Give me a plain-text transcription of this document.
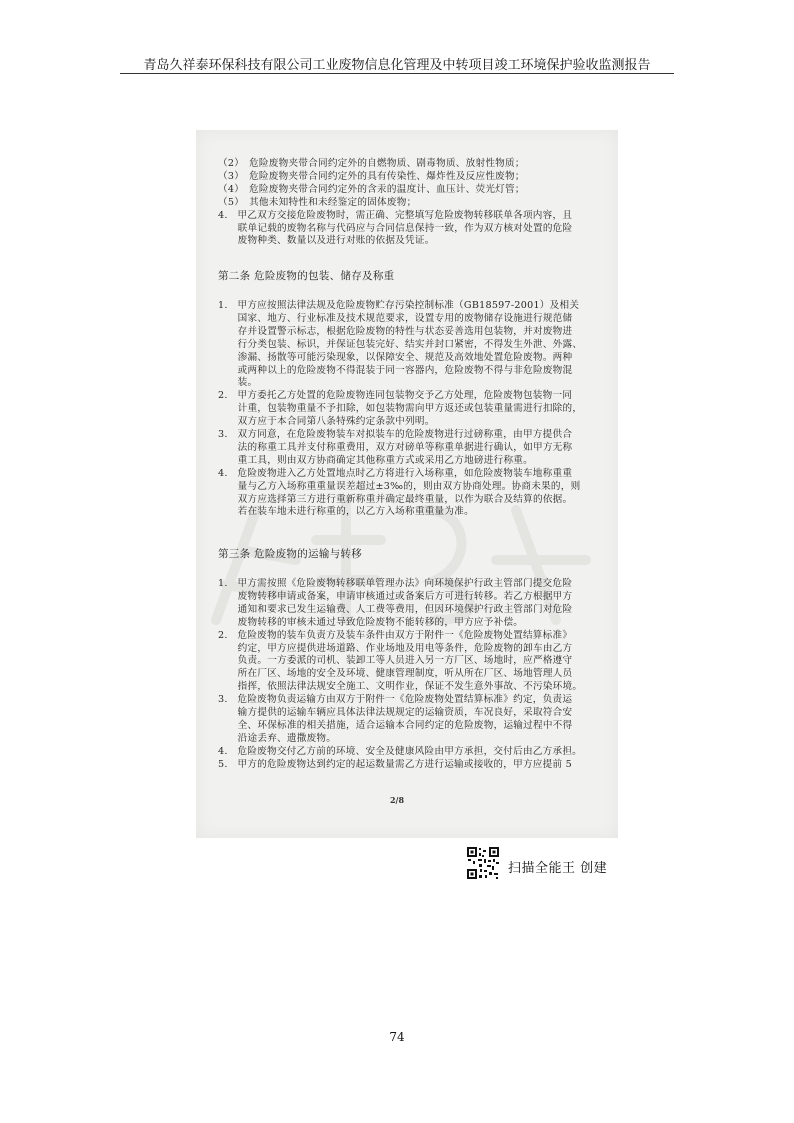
青岛久祥泰环保科技有限公司工业废物信息化管理及中转项目竣工环境保护验收监测报告
（2）　危险废物夹带合同约定外的自燃物质、剧毒物质、放射性物质；
（3）　危险废物夹带合同约定外的具有传染性、爆炸性及反应性废物；
（4）　危险废物夹带合同约定外的含汞的温度计、血压计、荧光灯管；
（5）　其他未知特性和未经鉴定的固体废物；
4.　甲乙双方交接危险废物时，需正确、完整填写危险废物转移联单各项内容，且
　　联单记载的废物名称与代码应与合同信息保持一致，作为双方核对处置的危险
　　废物种类、数量以及进行对账的依据及凭证。
第二条 危险废物的包装、储存及称重
1.　甲方应按照法律法规及危险废物贮存污染控制标准（GB18597-2001）及相关
　　国家、地方、行业标准及技术规范要求，设置专用的废物储存设施进行规范储
　　存并设置警示标志，根据危险废物的特性与状态妥善选用包装物，并对废物进
　　行分类包装、标识，并保证包装完好、结实并封口紧密，不得发生外泄、外露、
　　渗漏、扬散等可能污染现象，以保障安全、规范及高效地处置危险废物。两种
　　或两种以上的危险废物不得混装于同一容器内，危险废物不得与非危险废物混
　　装。
2.　甲方委托乙方处置的危险废物连同包装物交予乙方处理，危险废物包装物一同
　　计重，包装物重量不予扣除，如包装物需向甲方返还或包装重量需进行扣除的，
　　双方应于本合同第八条特殊约定条款中列明。
3.　双方同意，在危险废物装车对拟装车的危险废物进行过磅称重，由甲方提供合
　　法的称重工具并支付称重费用，双方对磅单等称重单据进行确认，如甲方无称
　　重工具，则由双方协商确定其他称重方式或采用乙方地磅进行称重。
4.　危险废物进入乙方处置地点时乙方将进行入场称重，如危险废物装车地称重重
　　量与乙方入场称重重量误差超过±3‰的，则由双方协商处理。协商未果的，则
　　双方应选择第三方进行重新称重并确定最终重量，以作为联合及结算的依据。
　　若在装车地未进行称重的，以乙方入场称重重量为准。
第三条 危险废物的运输与转移
1.　甲方需按照《危险废物转移联单管理办法》向环境保护行政主管部门提交危险
　　废物转移申请或备案，申请审核通过或备案后方可进行转移。若乙方根据甲方
　　通知和要求已发生运输费、人工费等费用，但因环境保护行政主管部门对危险
　　废物转移的审核未通过导致危险废物不能转移的，甲方应予补偿。
2.　危险废物的装车负责方及装车条件由双方于附件一《危险废物处置结算标准》
　　约定，甲方应提供进场道路、作业场地及用电等条件，危险废物的卸车由乙方
　　负责。一方委派的司机、装卸工等人员进入另一方厂区、场地时，应严格遵守
　　所在厂区、场地的安全及环境、健康管理制度，听从所在厂区、场地管理人员
　　指挥，依照法律法规安全施工、文明作业，保证不发生意外事故、不污染环境。
3.　危险废物负责运输方由双方于附件一《危险废物处置结算标准》约定，负责运
　　输方提供的运输车辆应具体法律法规规定的运输资质，车况良好，采取符合安
　　全、环保标准的相关措施，适合运输本合同约定的危险废物，运输过程中不得
　　沿途丢弃、遗撒废物。
4.　危险废物交付乙方前的环境、安全及健康风险由甲方承担，交付后由乙方承担。
5.　甲方的危险废物达到约定的起运数量需乙方进行运输或接收的，甲方应提前 5
2/8
扫描全能王 创建
74
